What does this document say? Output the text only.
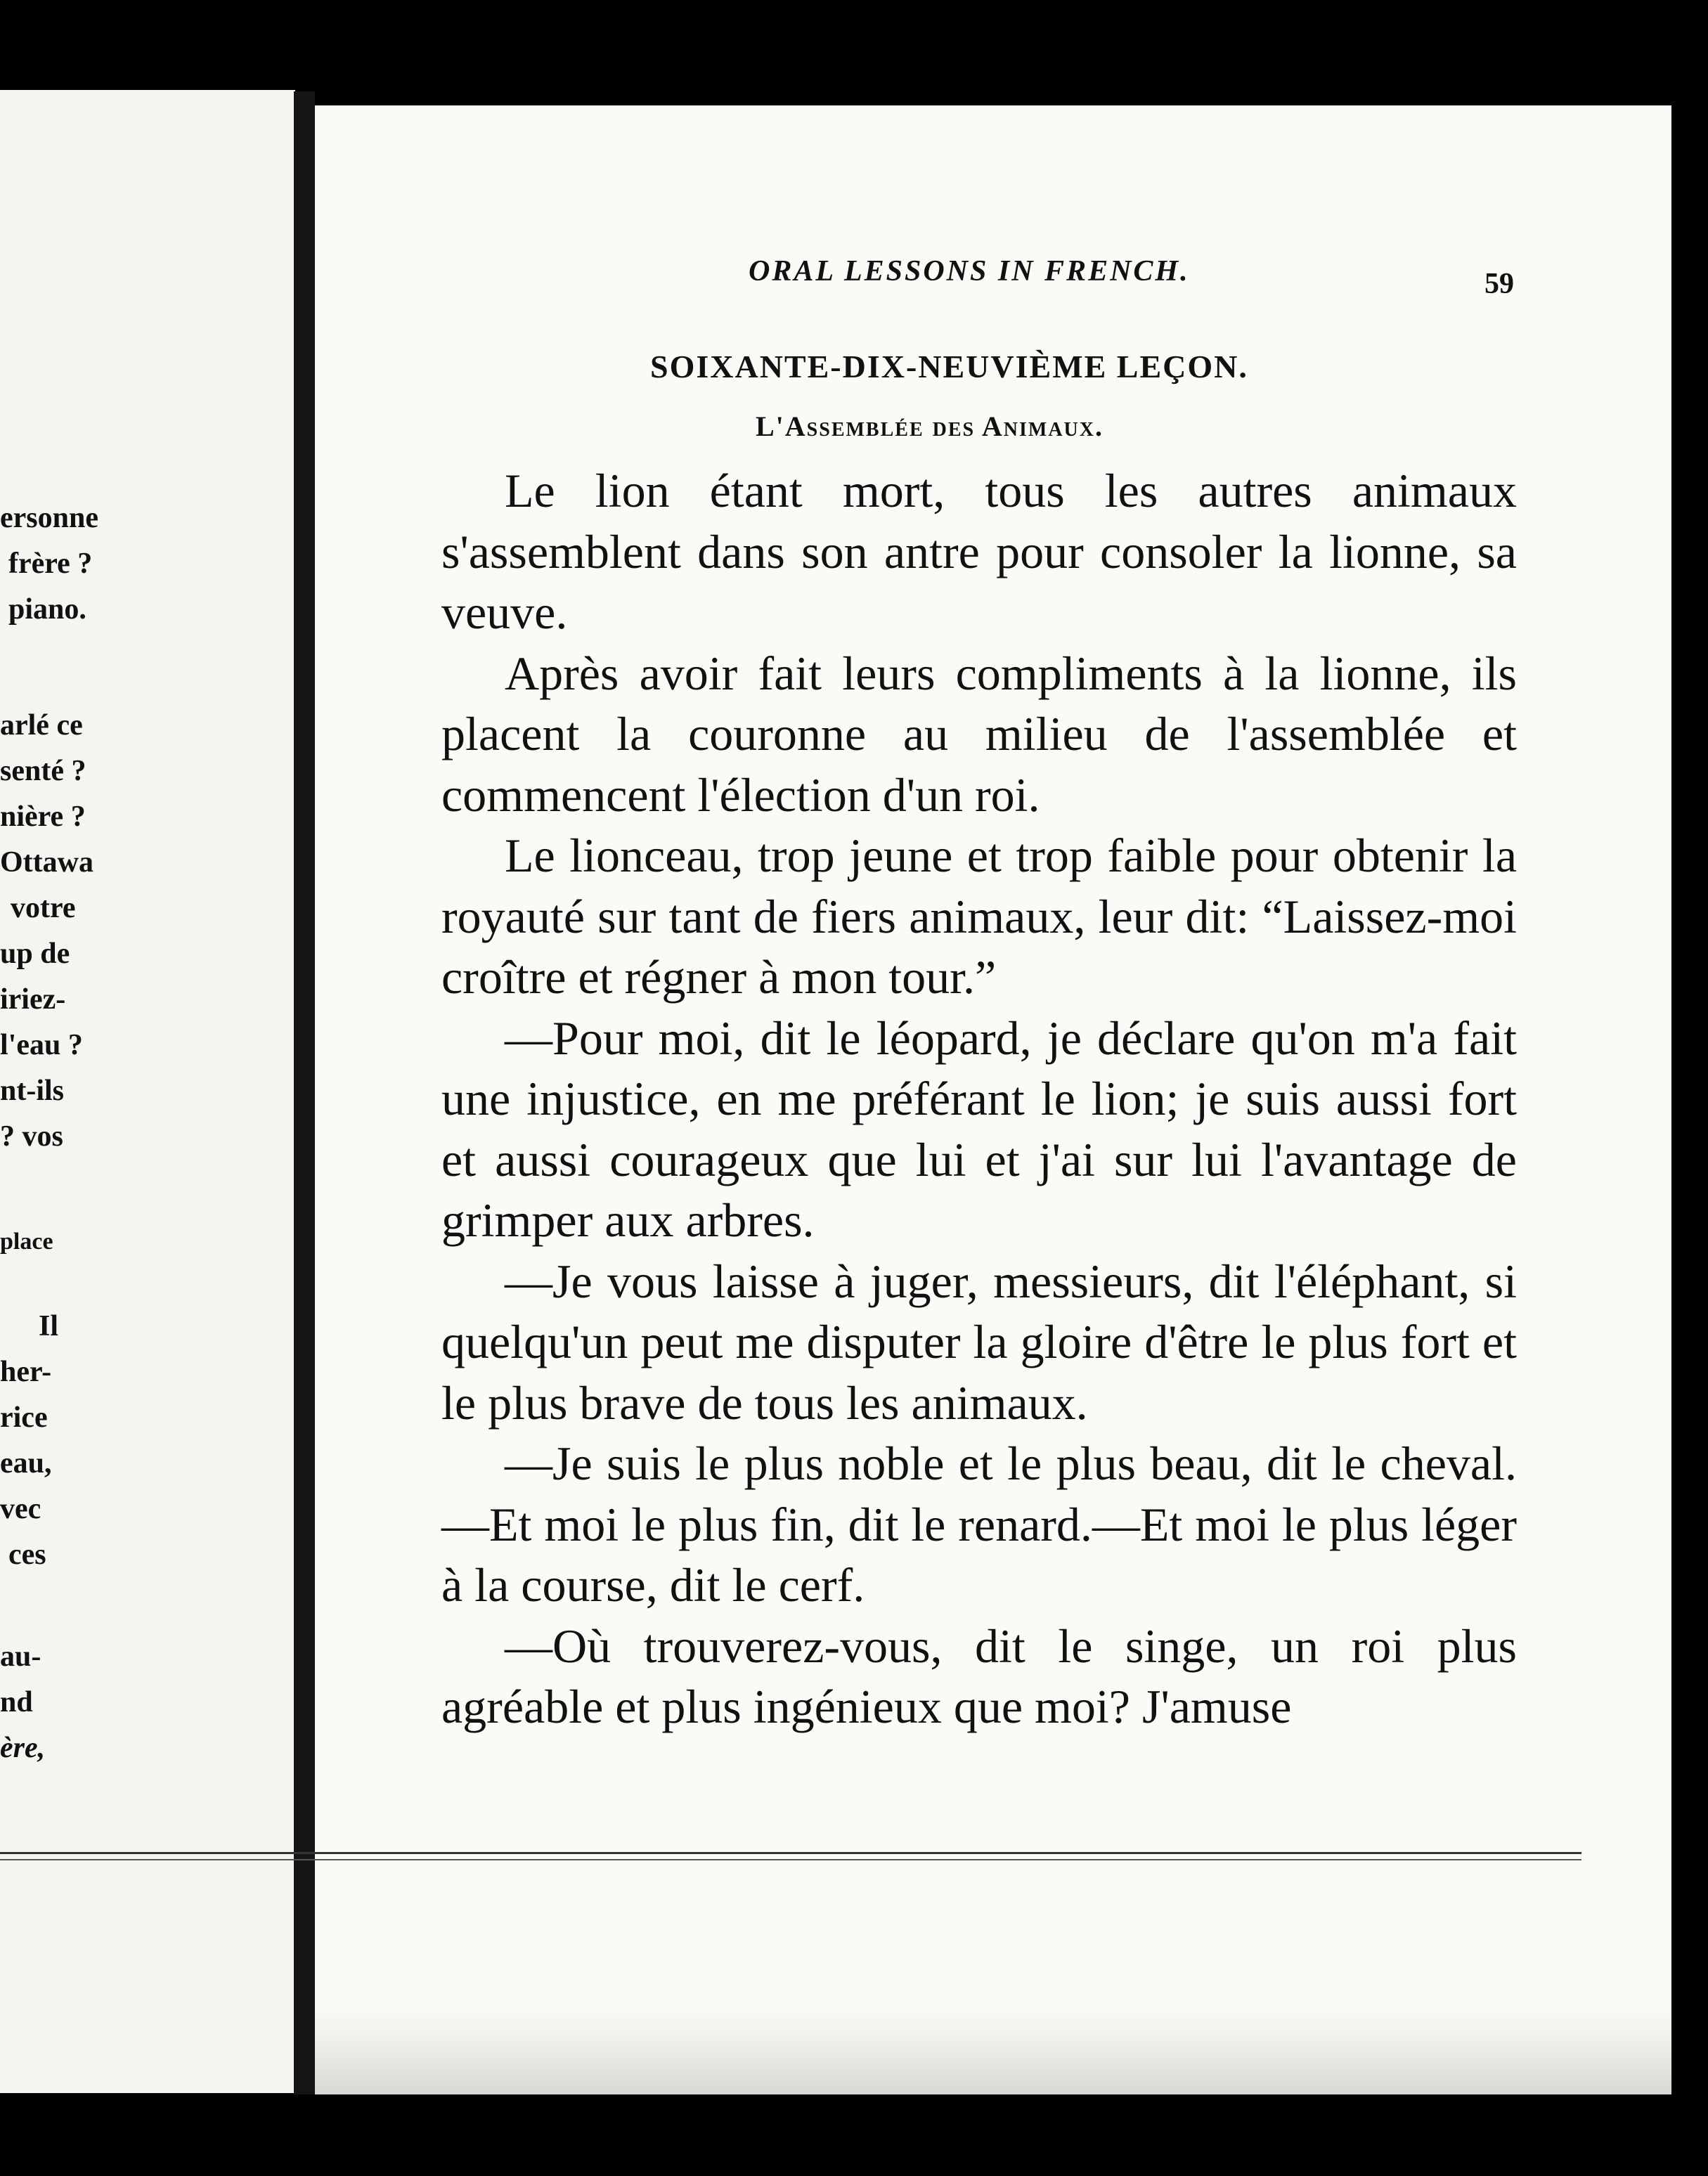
ersonne
frère ?
piano.
arlé ce
senté ?
nière ?
Ottawa
votre
up de
iriez-
l'eau ?
nt-ils
? vos
place
Il
her-
rice
eau,
vec
ces
au-
nd
ère,
ORAL LESSONS IN FRENCH.	59
SOIXANTE-DIX-NEUVIÈME LEÇON.
L'Assemblée des Animaux.

Le lion étant mort, tous les autres animaux s'assemblent dans son antre pour consoler la lionne, sa veuve.

Après avoir fait leurs compliments à la lionne, ils placent la couronne au milieu de l'assemblée et commencent l'élection d'un roi.

Le lionceau, trop jeune et trop faible pour obtenir la royauté sur tant de fiers animaux, leur dit: “Laissez-moi croître et régner à mon tour.”

—Pour moi, dit le léopard, je déclare qu'on m'a fait une injustice, en me préférant le lion; je suis aussi fort et aussi courageux que lui et j'ai sur lui l'avantage de grimper aux arbres.

—Je vous laisse à juger, messieurs, dit l'éléphant, si quelqu'un peut me disputer la gloire d'être le plus fort et le plus brave de tous les animaux.

—Je suis le plus noble et le plus beau, dit le cheval.—Et moi le plus fin, dit le renard.—Et moi le plus léger à la course, dit le cerf.

—Où trouverez-vous, dit le singe, un roi plus agréable et plus ingénieux que moi? J'amuse
